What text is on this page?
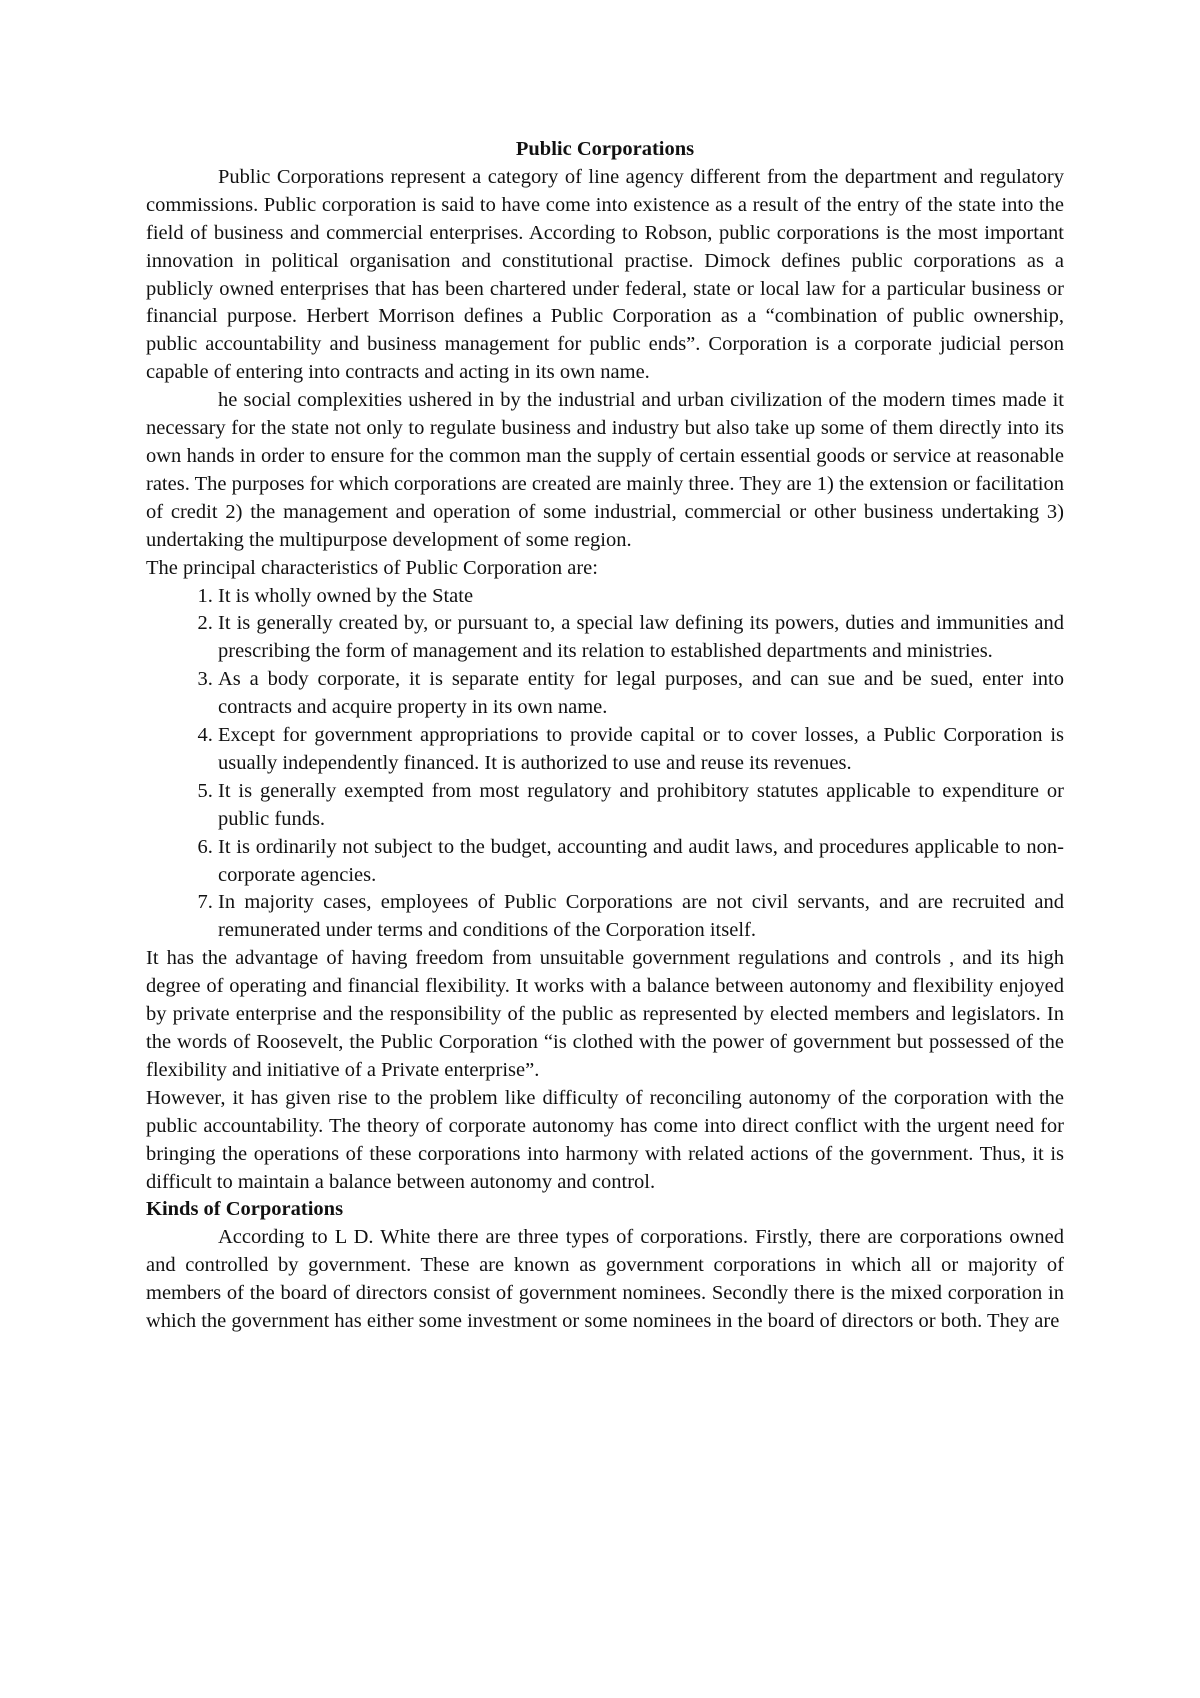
Public Corporations

Public Corporations represent a category of line agency different from the department and regulatory commissions. Public corporation is said to have come into existence as a result of the entry of the state into the field of business and commercial enterprises. According to Robson, public corporations is the most important innovation in political organisation and constitutional practise. Dimock defines public corporations as a publicly owned enterprises that has been chartered under federal, state or local law for a particular business or financial purpose. Herbert Morrison defines a Public Corporation as a “combination of public ownership, public accountability and business management for public ends”. Corporation is a corporate judicial person capable of entering into contracts and acting in its own name.

he social complexities ushered in by the industrial and urban civilization of the modern times made it necessary for the state not only to regulate business and industry but also take up some of them directly into its own hands in order to ensure for the common man the supply of certain essential goods or service at reasonable rates. The purposes for which corporations are created are mainly three. They are 1) the extension or facilitation of credit 2) the management and operation of some industrial, commercial or other business undertaking 3) undertaking the multipurpose development of some region.

The principal characteristics of Public Corporation are:

1. It is wholly owned by the State
2. It is generally created by, or pursuant to, a special law defining its powers, duties and immunities and prescribing the form of management and its relation to established departments and ministries.
3. As a body corporate, it is separate entity for legal purposes, and can sue and be sued, enter into contracts and acquire property in its own name.
4. Except for government appropriations to provide capital or to cover losses, a Public Corporation is usually independently financed. It is authorized to use and reuse its revenues.
5. It is generally exempted from most regulatory and prohibitory statutes applicable to expenditure or public funds.
6. It is ordinarily not subject to the budget, accounting and audit laws, and procedures applicable to non-corporate agencies.
7. In majority cases, employees of Public Corporations are not civil servants, and are recruited and remunerated under terms and conditions of the Corporation itself.

It has the advantage of having freedom from unsuitable government regulations and controls , and its high degree of operating and financial flexibility. It works with a balance between autonomy and flexibility enjoyed by private enterprise and the responsibility of the public as represented by elected members and legislators. In the words of Roosevelt, the Public Corporation “is clothed with the power of government but possessed of the flexibility and initiative of a Private enterprise”.

However, it has given rise to the problem like difficulty of reconciling autonomy of the corporation with the public accountability. The theory of corporate autonomy has come into direct conflict with the urgent need for bringing the operations of these corporations into harmony with related actions of the government. Thus, it is difficult to maintain a balance between autonomy and control.

Kinds of Corporations

According to L D. White there are three types of corporations. Firstly, there are corporations owned and controlled by government. These are known as government corporations in which all or majority of members of the board of directors consist of government nominees. Secondly there is the mixed corporation in which the government has either some investment or some nominees in the board of directors or both. They are
